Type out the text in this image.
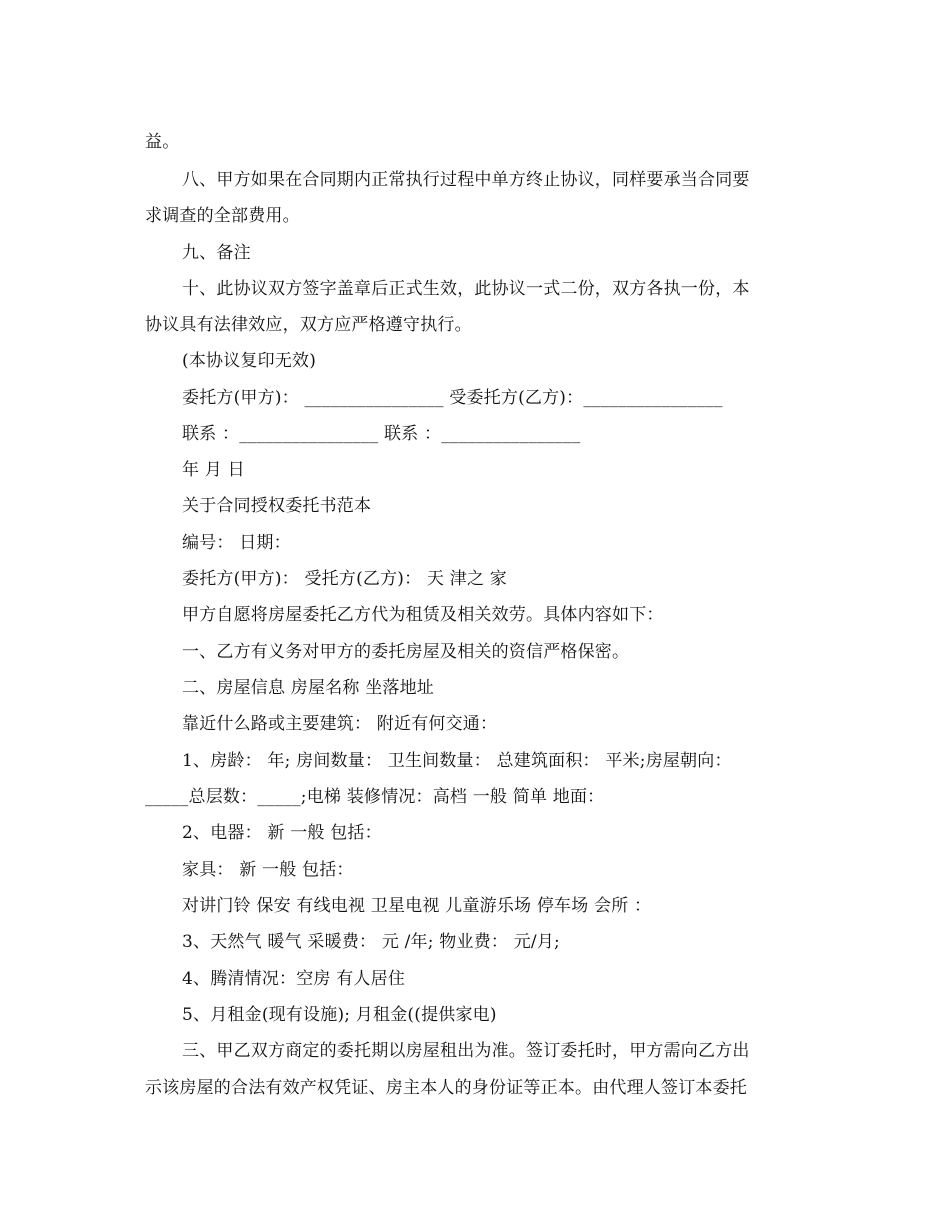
益。
八、甲方如果在合同期内正常执行过程中单方终止协议，同样要承当合同要
求调查的全部费用。
九、备注
十、此协议双方签字盖章后正式生效，此协议一式二份，双方各执一份，本
协议具有法律效应，双方应严格遵守执行。
(本协议复印无效)
委托方(甲方)： ________________ 受委托方(乙方)：________________
联系 ：________________ 联系 ：________________
年 月 日
关于合同授权委托书范本
编号： 日期：
委托方(甲方)： 受托方(乙方)： 天 津之 家
甲方自愿将房屋委托乙方代为租赁及相关效劳。具体内容如下：
一、乙方有义务对甲方的委托房屋及相关的资信严格保密。
二、房屋信息 房屋名称 坐落地址
靠近什么路或主要建筑： 附近有何交通：
1、房龄： 年; 房间数量： 卫生间数量： 总建筑面积： 平米;房屋朝向：
_____总层数：_____;电梯 装修情况：高档 一般 简单 地面：
2、电器： 新 一般 包括：
家具： 新 一般 包括：
对讲门铃 保安 有线电视 卫星电视 儿童游乐场 停车场 会所 ：
3、天然气 暖气 采暖费： 元 /年; 物业费： 元/月;
4、腾清情况：空房 有人居住
5、月租金(现有设施); 月租金((提供家电)
三、甲乙双方商定的委托期以房屋租出为准。签订委托时，甲方需向乙方出
示该房屋的合法有效产权凭证、房主本人的身份证等正本。由代理人签订本委托
